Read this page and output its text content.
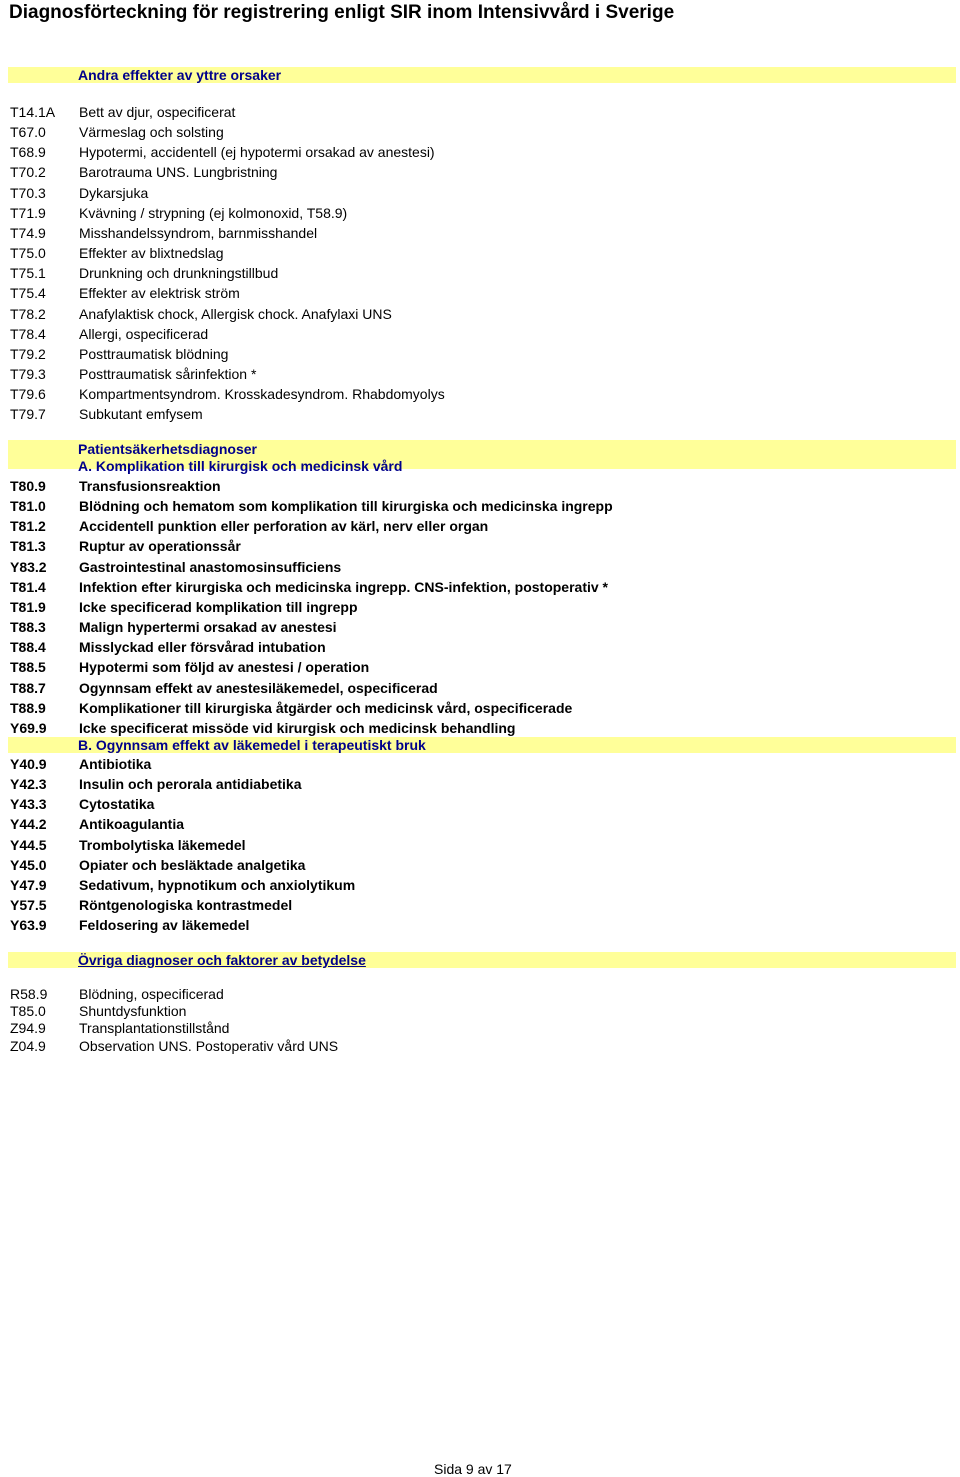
Diagnosförteckning för registrering enligt SIR inom Intensivvård i Sverige
Andra effekter av yttre orsaker
T14.1A Bett av djur, ospecificerat
T67.0 Värmeslag och solsting
T68.9 Hypotermi, accidentell (ej hypotermi orsakad av anestesi)
T70.2 Barotrauma UNS. Lungbristning
T70.3 Dykarsjuka
T71.9 Kvävning / strypning (ej kolmonoxid, T58.9)
T74.9 Misshandelssyndrom, barnmisshandel
T75.0 Effekter av blixtnedslag
T75.1 Drunkning och drunkningstillbud
T75.4 Effekter av elektrisk ström
T78.2 Anafylaktisk chock, Allergisk chock. Anafylaxi UNS
T78.4 Allergi, ospecificerad
T79.2 Posttraumatisk blödning
T79.3 Posttraumatisk sårinfektion *
T79.6 Kompartmentsyndrom. Krosskadesyndrom. Rhabdomyolys
T79.7 Subkutant emfysem
Patientsäkerhetsdiagnoser
A. Komplikation till kirurgisk och medicinsk vård
T80.9 Transfusionsreaktion
T81.0 Blödning och hematom som komplikation till kirurgiska och medicinska ingrepp
T81.2 Accidentell punktion eller perforation av kärl, nerv eller organ
T81.3 Ruptur av operationssår
Y83.2 Gastrointestinal anastomosinsufficiens
T81.4 Infektion efter kirurgiska och medicinska ingrepp. CNS-infektion, postoperativ *
T81.9 Icke specificerad komplikation till ingrepp
T88.3 Malign hypertermi orsakad av anestesi
T88.4 Misslyckad eller försvårad intubation
T88.5 Hypotermi som följd av anestesi / operation
T88.7 Ogynnsam effekt av anestesiläkemedel, ospecificerad
T88.9 Komplikationer till kirurgiska åtgärder och medicinsk vård, ospecificerade
Y69.9 Icke specificerat missöde vid kirurgisk och medicinsk behandling
B. Ogynnsam effekt av läkemedel i terapeutiskt bruk
Y40.9 Antibiotika
Y42.3 Insulin och perorala antidiabetika
Y43.3 Cytostatika
Y44.2 Antikoagulantia
Y44.5 Trombolytiska läkemedel
Y45.0 Opiater och besläktade analgetika
Y47.9 Sedativum, hypnotikum och anxiolytikum
Y57.5 Röntgenologiska kontrastmedel
Y63.9 Feldosering av läkemedel
Övriga diagnoser och faktorer av betydelse
R58.9 Blödning, ospecificerad
T85.0 Shuntdysfunktion
Z94.9 Transplantationstillstånd
Z04.9 Observation UNS. Postoperativ vård UNS
Sida 9 av 17
